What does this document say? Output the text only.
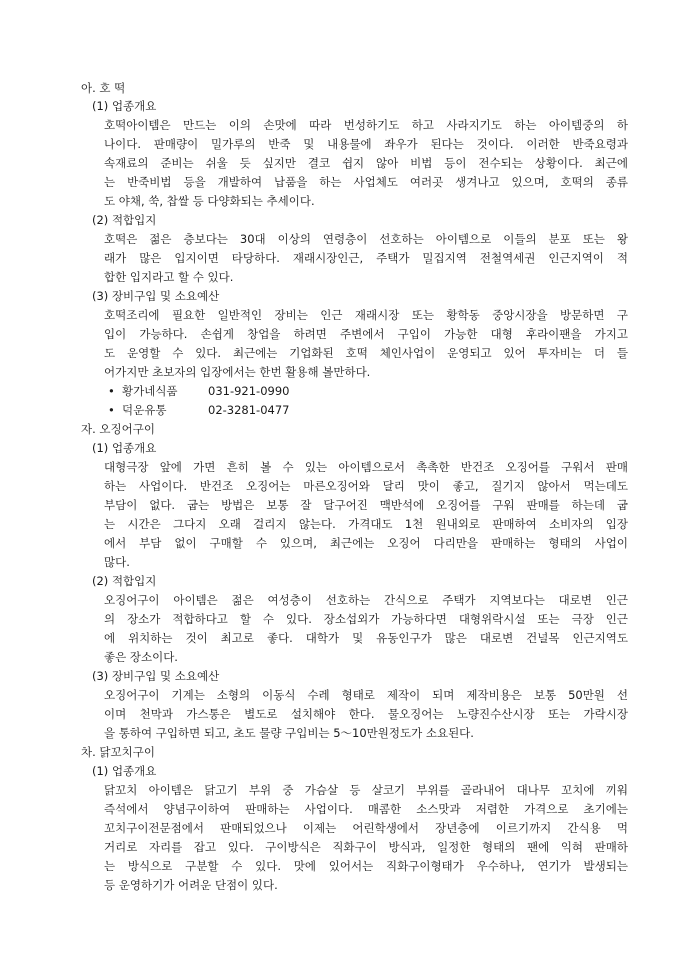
아. 호 떡
(1) 업종개요
호떡아이템은 만드는 이의 손맛에 따라 번성하기도 하고 사라지기도 하는 아이템중의 하
나이다. 판매량이 밀가루의 반죽 및 내용물에 좌우가 된다는 것이다. 이러한 반죽요령과
속재료의 준비는 쉬울 듯 싶지만 결코 쉽지 않아 비법 등이 전수되는 상황이다. 최근에
는 반죽비법 등을 개발하여 납품을 하는 사업체도 여러곳 생겨나고 있으며, 호떡의 종류
도 야채, 쑥, 찹쌀 등 다양화되는 추세이다.
(2) 적합입지
호떡은 젊은 층보다는 30대 이상의 연령층이 선호하는 아이템으로 이들의 분포 또는 왕
래가 많은 입지이면 타당하다. 재래시장인근, 주택가 밀집지역 전철역세권 인근지역이 적
합한 입지라고 할 수 있다.
(3) 장비구입 및 소요예산
호떡조리에 필요한 일반적인 장비는 인근 재래시장 또는 황학동 중앙시장을 방문하면 구
입이 가능하다. 손쉽게 창업을 하려면 주변에서 구입이 가능한 대형 후라이팬을 가지고
도 운영할 수 있다. 최근에는 기업화된 호떡 체인사업이 운영되고 있어 투자비는 더 들
어가지만 초보자의 입장에서는 한번 활용해 볼만하다.
• 황가네식품	031-921-0990
• 덕운유통	02-3281-0477
자. 오징어구이
(1) 업종개요
대형극장 앞에 가면 흔히 볼 수 있는 아이템으로서 촉촉한 반건조 오징어를 구워서 판매
하는 사업이다. 반건조 오징어는 마른오징어와 달리 맛이 좋고, 질기지 않아서 먹는데도
부담이 없다. 굽는 방법은 보통 잘 달구어진 맥반석에 오징어를 구워 판매를 하는데 굽
는 시간은 그다지 오래 걸리지 않는다. 가격대도 1천 원내외로 판매하여 소비자의 입장
에서 부담 없이 구매할 수 있으며, 최근에는 오징어 다리만을 판매하는 형태의 사업이
많다.
(2) 적합입지
오징어구이 아이템은 젊은 여성층이 선호하는 간식으로 주택가 지역보다는 대로변 인근
의 장소가 적합하다고 할 수 있다. 장소섭외가 가능하다면 대형위락시설 또는 극장 인근
에 위치하는 것이 최고로 좋다. 대학가 및 유동인구가 많은 대로변 건널목 인근지역도
좋은 장소이다.
(3) 장비구입 및 소요예산
오징어구이 기계는 소형의 이동식 수레 형태로 제작이 되며 제작비용은 보통 50만원 선
이며 천막과 가스통은 별도로 설치해야 한다. 물오징어는 노량진수산시장 또는 가락시장
을 통하여 구입하면 되고, 초도 물량 구입비는 5～10만원정도가 소요된다.
차. 닭꼬치구이
(1) 업종개요
닭꼬치 아이템은 닭고기 부위 중 가슴살 등 살코기 부위를 골라내어 대나무 꼬치에 끼워
즉석에서 양념구이하여 판매하는 사업이다. 매콤한 소스맛과 저렴한 가격으로 초기에는
꼬치구이전문점에서 판매되었으나 이제는 어린학생에서 장년층에 이르기까지 간식용 먹
거리로 자리를 잡고 있다. 구이방식은 직화구이 방식과, 일정한 형태의 팬에 익혀 판매하
는 방식으로 구분할 수 있다. 맛에 있어서는 직화구이형태가 우수하나, 연기가 발생되는
등 운영하기가 어려운 단점이 있다.
